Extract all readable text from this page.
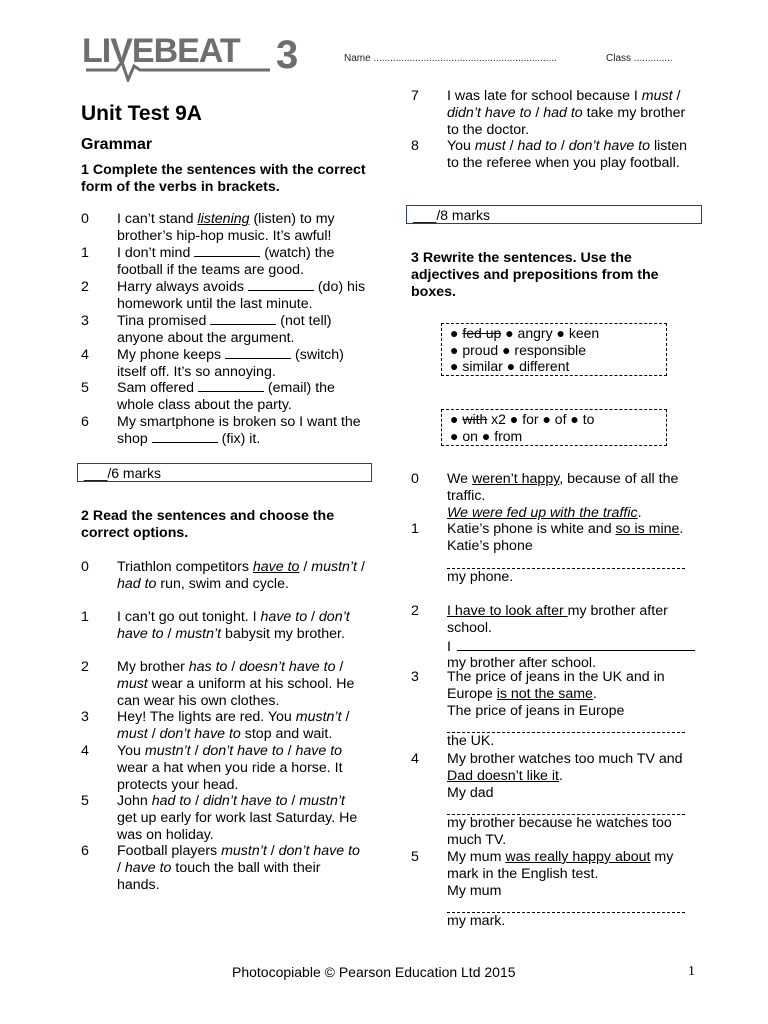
LIVEBEAT 3	Name ..................................................................	Class ..............
Unit Test 9A
Grammar
1 Complete the sentences with the correct form of the verbs in brackets.
0	I can’t stand listening (listen) to my brother’s hip-hop music. It’s awful!
1	I don’t mind	(watch) the football if the teams are good.
2	Harry always avoids	(do) his homework until the last minute.
3	Tina promised	(not tell) anyone about the argument.
4	My phone keeps	(switch) itself off. It’s so annoying.
5	Sam offered	(email) the whole class about the party.
6	My smartphone is broken so I want the shop	(fix) it.
___/6 marks
2 Read the sentences and choose the correct options.
0	Triathlon competitors have to / mustn’t / had to run, swim and cycle.
1	I can’t go out tonight. I have to / don’t have to / mustn’t babysit my brother.
2	My brother has to / doesn’t have to / must wear a uniform at his school. He can wear his own clothes.
3	Hey! The lights are red. You mustn’t / must / don’t have to stop and wait.
4	You mustn’t / don’t have to / have to wear a hat when you ride a horse. It protects your head.
5	John had to / didn’t have to / mustn’t get up early for work last Saturday. He was on holiday.
6	Football players mustn’t / don’t have to / have to touch the ball with their hands.
7	I was late for school because I must / didn’t have to / had to take my brother to the doctor.
8	You must / had to / don’t have to listen to the referee when you play football.
___/8 marks
3 Rewrite the sentences. Use the adjectives and prepositions from the boxes.
● fed up ● angry ● keen
● proud ● responsible
● similar ● different
● with x2 ● for ● of ● to
● on ● from
0	We weren’t happy, because of all the traffic.
We were fed up with the traffic.
1	Katie’s phone is white and so is mine.
Katie’s phone
my phone.
2	I have to look after my brother after school.
I
my brother after school.
3	The price of jeans in the UK and in Europe is not the same.
The price of jeans in Europe
the UK.
4	My brother watches too much TV and Dad doesn’t like it.
My dad
my brother because he watches too much TV.
5	My mum was really happy about my mark in the English test.
My mum
my mark.
Photocopiable © Pearson Education Ltd 2015	1
